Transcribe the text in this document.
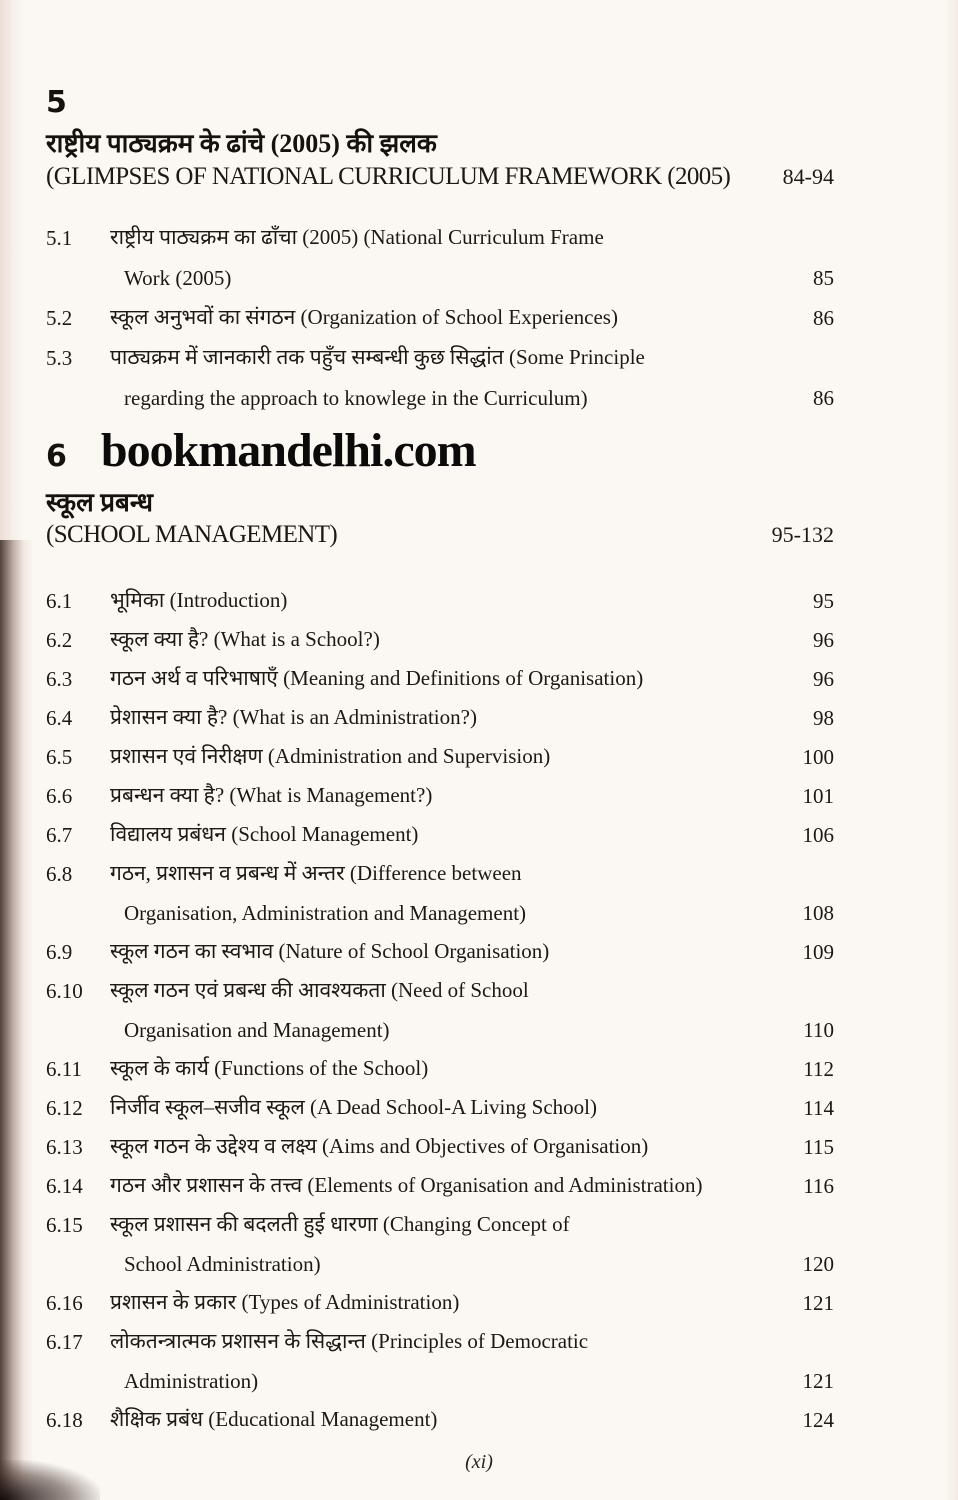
5
राष्ट्रीय पाठ्यक्रम के ढांचे (2005) की झलक
(GLIMPSES OF NATIONAL CURRICULUM FRAMEWORK (2005) 84-94
5.1	राष्ट्रीय पाठ्यक्रम का ढाँचा (2005) (National Curriculum Frame
Work (2005)	85
5.2	स्कूल अनुभवों का संगठन (Organization of School Experiences)	86
5.3	पाठ्यक्रम में जानकारी तक पहुँच सम्बन्धी कुछ सिद्धांत (Some Principle
regarding the approach to knowlege in the Curriculum)	86
6 bookmandelhi.com
स्कूल प्रबन्ध
(SCHOOL MANAGEMENT)	95-132
6.1	भूमिका (Introduction)	95
6.2	स्कूल क्या है? (What is a School?)	96
6.3	गठन अर्थ व परिभाषाएँ (Meaning and Definitions of Organisation)	96
6.4	प्रेशासन क्या है? (What is an Administration?)	98
6.5	प्रशासन एवं निरीक्षण (Administration and Supervision)	100
6.6	प्रबन्धन क्या है? (What is Management?)	101
6.7	विद्यालय प्रबंधन (School Management)	106
6.8	गठन, प्रशासन व प्रबन्ध में अन्तर (Difference between
Organisation, Administration and Management)	108
6.9	स्कूल गठन का स्वभाव (Nature of School Organisation)	109
6.10	स्कूल गठन एवं प्रबन्ध की आवश्यकता (Need of School
Organisation and Management)	110
6.11	स्कूल के कार्य (Functions of the School)	112
6.12	निर्जीव स्कूल–सजीव स्कूल (A Dead School-A Living School)	114
6.13	स्कूल गठन के उद्देश्य व लक्ष्य (Aims and Objectives of Organisation)	115
6.14	गठन और प्रशासन के तत्त्व (Elements of Organisation and Administration)	116
6.15	स्कूल प्रशासन की बदलती हुई धारणा (Changing Concept of
School Administration)	120
6.16	प्रशासन के प्रकार (Types of Administration)	121
6.17	लोकतन्त्रात्मक प्रशासन के सिद्धान्त (Principles of Democratic
Administration)	121
6.18	शैक्षिक प्रबंध (Educational Management)	124
(xi)
